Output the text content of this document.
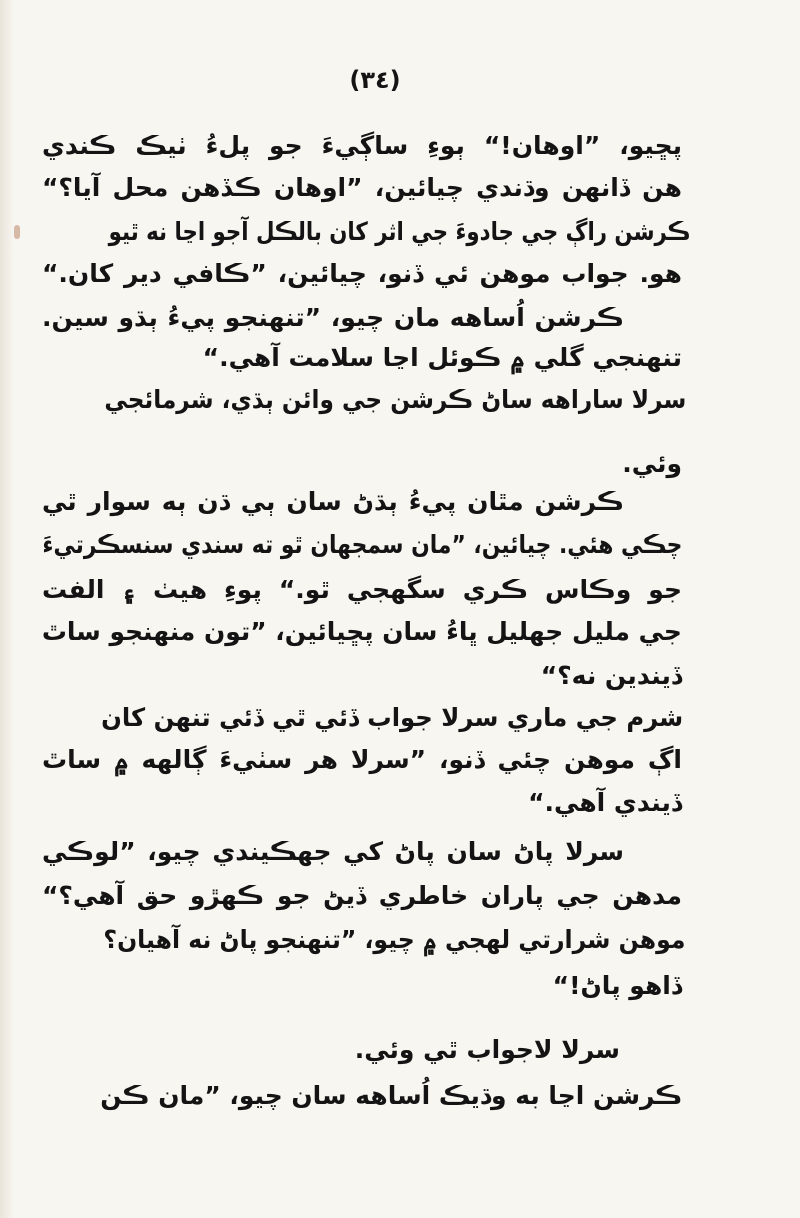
(٣٤)
پڇيو، ”اوهان!“ ٻوءِ ساڳيءَ جو پلءُ ٺيڪ ڪندي
هن ڏانهن وڌندي چيائين، ”اوهان ڪڏهن محل آيا؟“
ڪرشن راڳ جي جادوءَ جي اثر کان بالڪل آجو اڃا نه ٿيو
هو. جواب موهن ئي ڏنو، چيائين، ”ڪافي دير کان.“
ڪرشن اُساهه مان چيو، ”تنهنجو پيءُ ٻڌو سين.
تنهنجي گلي ۾ ڪوئل اڃا سلامت آهي.“
سرلا ساراهه ساڻ ڪرشن جي وائن ٻڌي، شرمائجي
وئي.
ڪرشن مٿان پيءُ ٻڌڻ سان ٻي ڌن ٻه سوار ٿي
چڪي هئي. چيائين، ”مان سمجهان ٿو ته سندي سنسڪرتيءَ
جو وڪاس ڪري سگهجي ٿو.“ پوءِ هيٺ ۽ الفت
جي مليل جهليل ڀاءُ سان پڇيائين، ”تون منهنجو ساٿ
ڏيندين نه؟“
شرم جي ماري سرلا جواب ڏئي ٿي ڏئي تنهن کان
اڳ موهن چئي ڏنو، ”سرلا هر سٺيءَ ڳالهه ۾ ساٿ
ڏيندي آهي.“
سرلا پاڻ سان پاڻ کي جهڪيندي چيو، ”لوڪي
مدهن جي پاران خاطري ڏيڻ جو ڪهڙو حق آهي؟“
موهن شرارتي لهجي ۾ چيو، ”تنهنجو پاڻ نه آهيان؟
ڏاهو پاڻ!“
سرلا لاجواب ٿي وئي.
ڪرشن اڃا به وڌيڪ اُساهه سان چيو، ”مان ڪن
